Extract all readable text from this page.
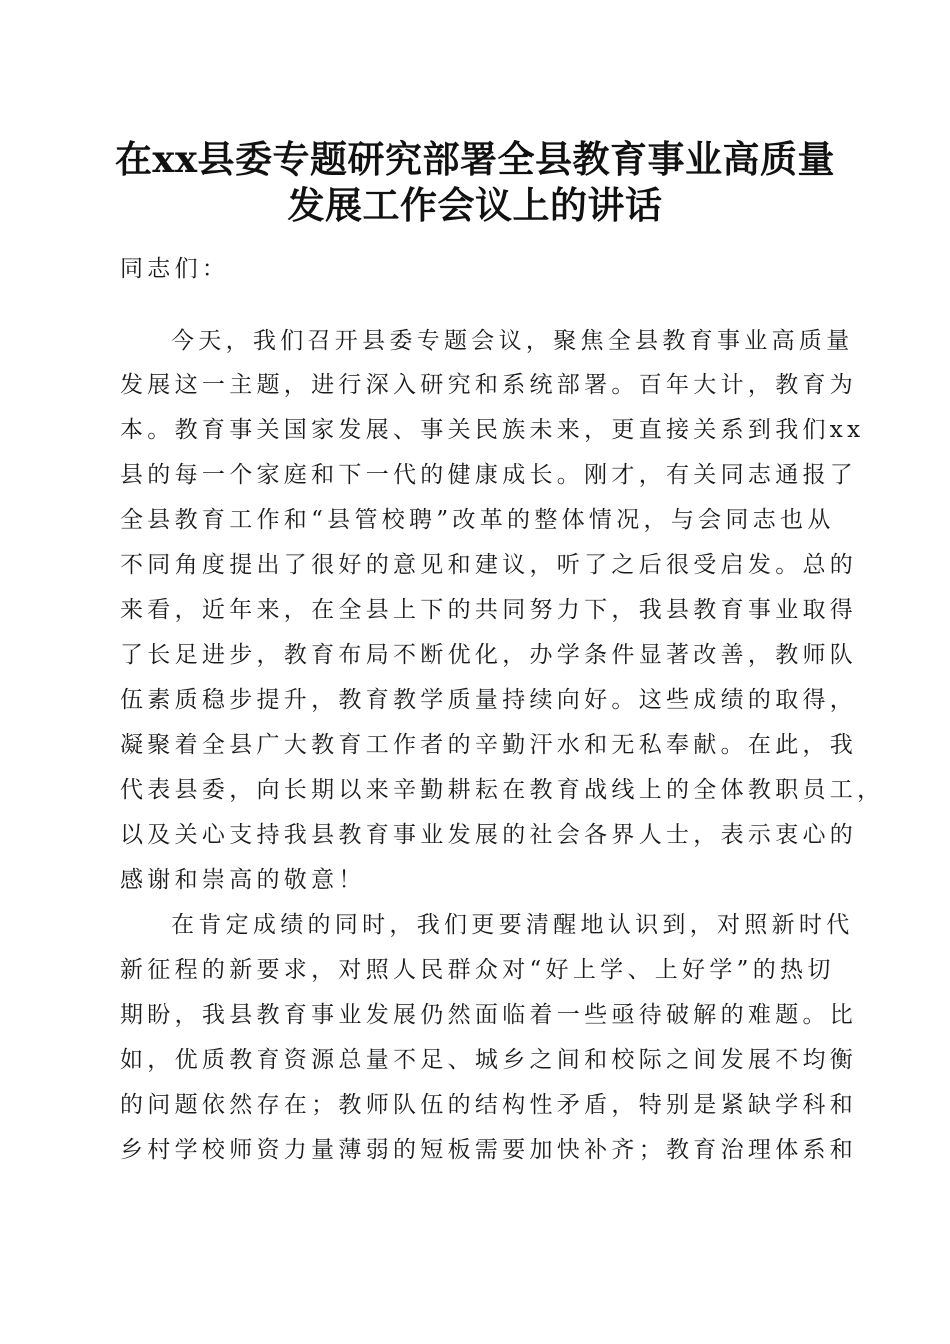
在xx县委专题研究部署全县教育事业高质量
发展工作会议上的讲话
同志们：
今天，我们召开县委专题会议，聚焦全县教育事业高质量
发展这一主题，进行深入研究和系统部署。百年大计，教育为
本。教育事关国家发展、事关民族未来，更直接关系到我们xx
县的每一个家庭和下一代的健康成长。刚才，有关同志通报了
全县教育工作和“县管校聘”改革的整体情况，与会同志也从
不同角度提出了很好的意见和建议，听了之后很受启发。总的
来看，近年来，在全县上下的共同努力下，我县教育事业取得
了长足进步，教育布局不断优化，办学条件显著改善，教师队
伍素质稳步提升，教育教学质量持续向好。这些成绩的取得，
凝聚着全县广大教育工作者的辛勤汗水和无私奉献。在此，我
代表县委，向长期以来辛勤耕耘在教育战线上的全体教职员工，
以及关心支持我县教育事业发展的社会各界人士，表示衷心的
感谢和崇高的敬意！
在肯定成绩的同时，我们更要清醒地认识到，对照新时代
新征程的新要求，对照人民群众对“好上学、上好学”的热切
期盼，我县教育事业发展仍然面临着一些亟待破解的难题。比
如，优质教育资源总量不足、城乡之间和校际之间发展不均衡
的问题依然存在；教师队伍的结构性矛盾，特别是紧缺学科和
乡村学校师资力量薄弱的短板需要加快补齐；教育治理体系和
